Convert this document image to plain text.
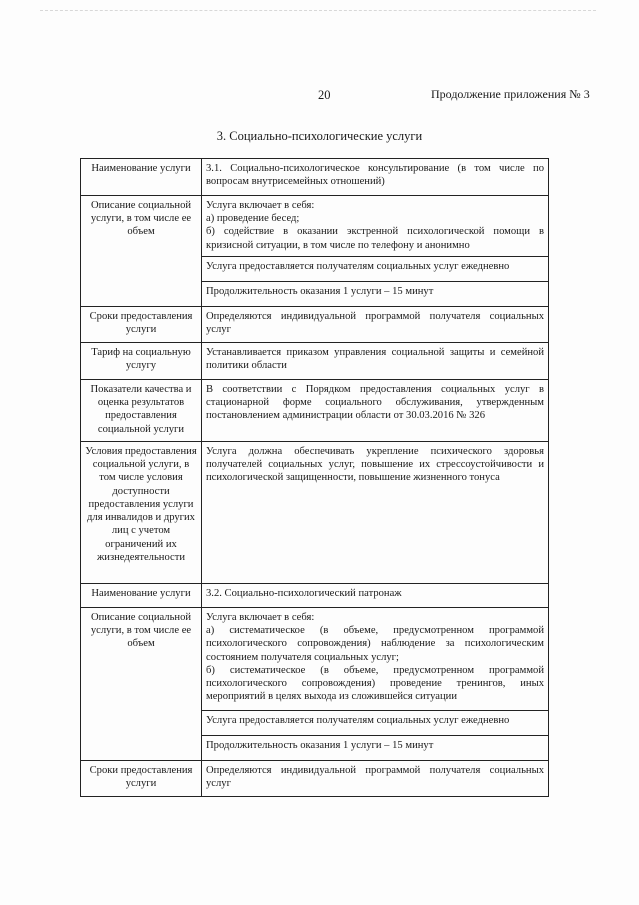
20	Продолжение приложения № 3
3. Социально-психологические услуги
Наименование услуги	3.1. Социально-психологическое консультирование (в том числе по вопросам внутрисемейных отношений)
Описание социальной услуги, в том числе ее объем	Услуга включает в себя:
а) проведение бесед;
б) содействие в оказании экстренной психологической помощи в кризисной ситуации, в том числе по телефону и анонимно

	Услуга предоставляется получателям социальных услуг ежедневно
	Продолжительность оказания 1 услуги – 15 минут
Сроки предоставления услуги	Определяются индивидуальной программой получателя социальных услуг
Тариф на социальную услугу	Устанавливается приказом управления социальной защиты и семейной политики области
Показатели качества и оценка результатов предоставления социальной услуги	В соответствии с Порядком предоставления социальных услуг в стационарной форме социального обслуживания, утвержденным постановлением администрации области от 30.03.2016 № 326
Условия предоставления социальной услуги, в том числе условия доступности предоставления услуги для инвалидов и других лиц с учетом ограничений их жизнедеятельности	Услуга должна обеспечивать укрепление психического здоровья получателей социальных услуг, повышение их стрессоустойчивости и психологической защищенности, повышение жизненного тонуса
Наименование услуги	3.2. Социально-психологический патронаж
Описание социальной услуги, в том числе ее объем	Услуга включает в себя:
а) систематическое (в объеме, предусмотренном программой психологического сопровождения) наблюдение за психологическим состоянием получателя социальных услуг;
б) систематическое (в объеме, предусмотренном программой психологического сопровождения) проведение тренингов, иных мероприятий в целях выхода из сложившейся ситуации

	Услуга предоставляется получателям социальных услуг ежедневно
	Продолжительность оказания 1 услуги – 15 минут
Сроки предоставления услуги	Определяются индивидуальной программой получателя социальных услуг
